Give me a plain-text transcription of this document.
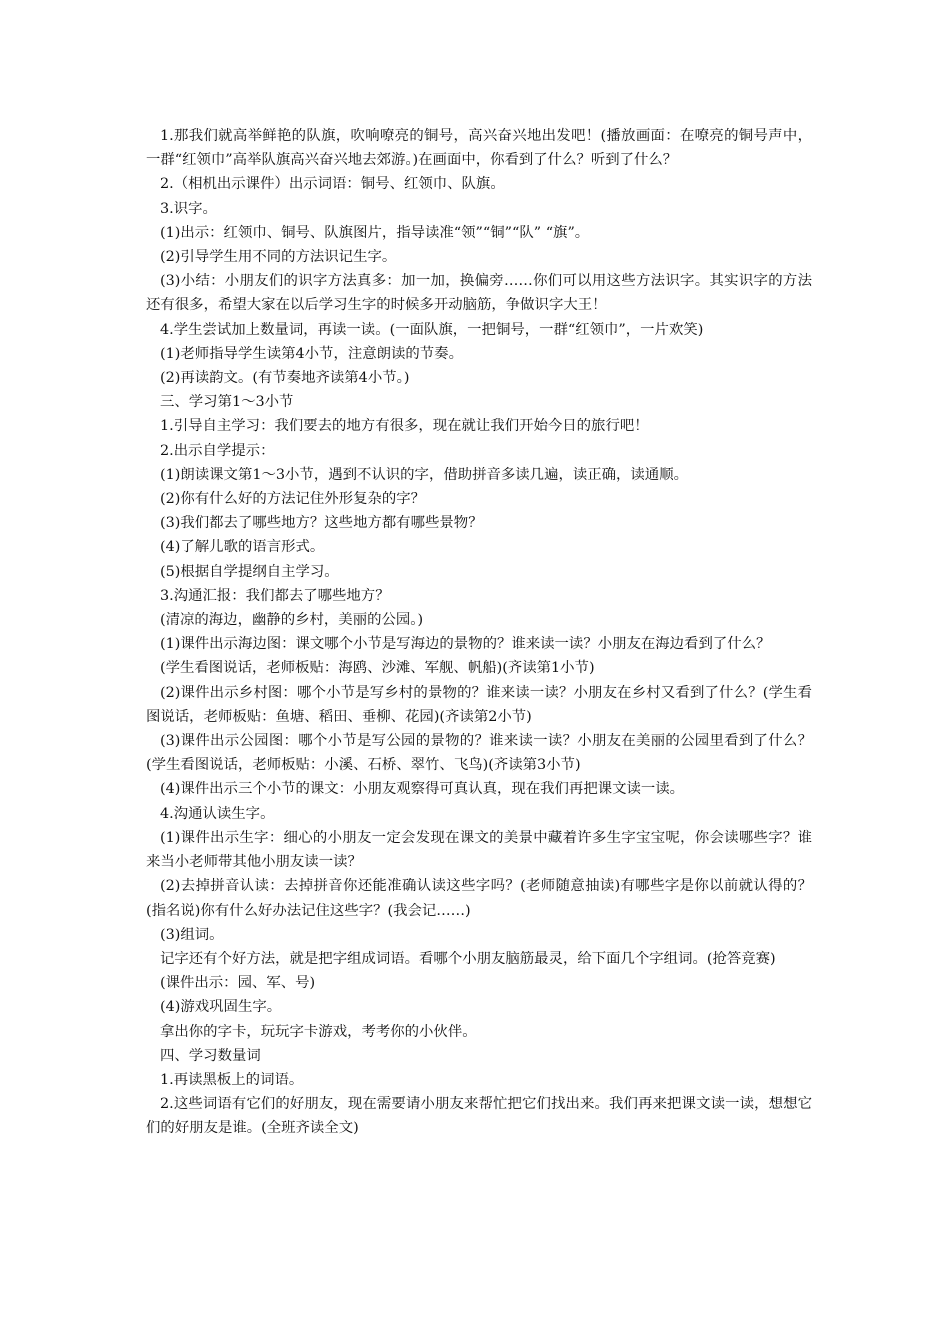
1.那我们就高举鲜艳的队旗，吹响嘹亮的铜号，高兴奋兴地出发吧！(播放画面：在嘹亮的铜号声中，一群“红领巾”高举队旗高兴奋兴地去郊游。)在画面中，你看到了什么？听到了什么？

2.（相机出示课件）出示词语：铜号、红领巾、队旗。

3.识字。

(1)出示：红领巾、铜号、队旗图片，指导读准“领”“铜”“队” “旗”。

(2)引导学生用不同的方法识记生字。

(3)小结：小朋友们的识字方法真多：加一加，换偏旁……你们可以用这些方法识字。其实识字的方法还有很多，希望大家在以后学习生字的时候多开动脑筋，争做识字大王！

4.学生尝试加上数量词，再读一读。(一面队旗，一把铜号，一群“红领巾”，一片欢笑)

(1)老师指导学生读第4小节，注意朗读的节奏。

(2)再读韵文。(有节奏地齐读第4小节。)

三、学习第1～3小节

1.引导自主学习：我们要去的地方有很多，现在就让我们开始今日的旅行吧！

2.出示自学提示：

(1)朗读课文第1～3小节，遇到不认识的字，借助拼音多读几遍，读正确，读通顺。

(2)你有什么好的方法记住外形复杂的字？

(3)我们都去了哪些地方？这些地方都有哪些景物？

(4)了解儿歌的语言形式。

(5)根据自学提纲自主学习。

3.沟通汇报：我们都去了哪些地方？

(清凉的海边，幽静的乡村，美丽的公园。)

(1)课件出示海边图：课文哪个小节是写海边的景物的？谁来读一读？小朋友在海边看到了什么？

(学生看图说话，老师板贴：海鸥、沙滩、军舰、帆船)(齐读第1小节)

(2)课件出示乡村图：哪个小节是写乡村的景物的？谁来读一读？小朋友在乡村又看到了什么？(学生看图说话，老师板贴：鱼塘、稻田、垂柳、花园)(齐读第2小节)

(3)课件出示公园图：哪个小节是写公园的景物的？谁来读一读？小朋友在美丽的公园里看到了什么？(学生看图说话，老师板贴：小溪、石桥、翠竹、飞鸟)(齐读第3小节)

(4)课件出示三个小节的课文：小朋友观察得可真认真，现在我们再把课文读一读。

4.沟通认读生字。

(1)课件出示生字：细心的小朋友一定会发现在课文的美景中藏着许多生字宝宝呢，你会读哪些字？谁来当小老师带其他小朋友读一读？

(2)去掉拼音认读：去掉拼音你还能准确认读这些字吗？(老师随意抽读)有哪些字是你以前就认得的？(指名说)你有什么好办法记住这些字？(我会记……)

(3)组词。

记字还有个好方法，就是把字组成词语。看哪个小朋友脑筋最灵，给下面几个字组词。(抢答竞赛)

(课件出示：园、军、号)

(4)游戏巩固生字。

拿出你的字卡，玩玩字卡游戏，考考你的小伙伴。

四、学习数量词

1.再读黑板上的词语。

2.这些词语有它们的好朋友，现在需要请小朋友来帮忙把它们找出来。我们再来把课文读一读，想想它们的好朋友是谁。(全班齐读全文)
